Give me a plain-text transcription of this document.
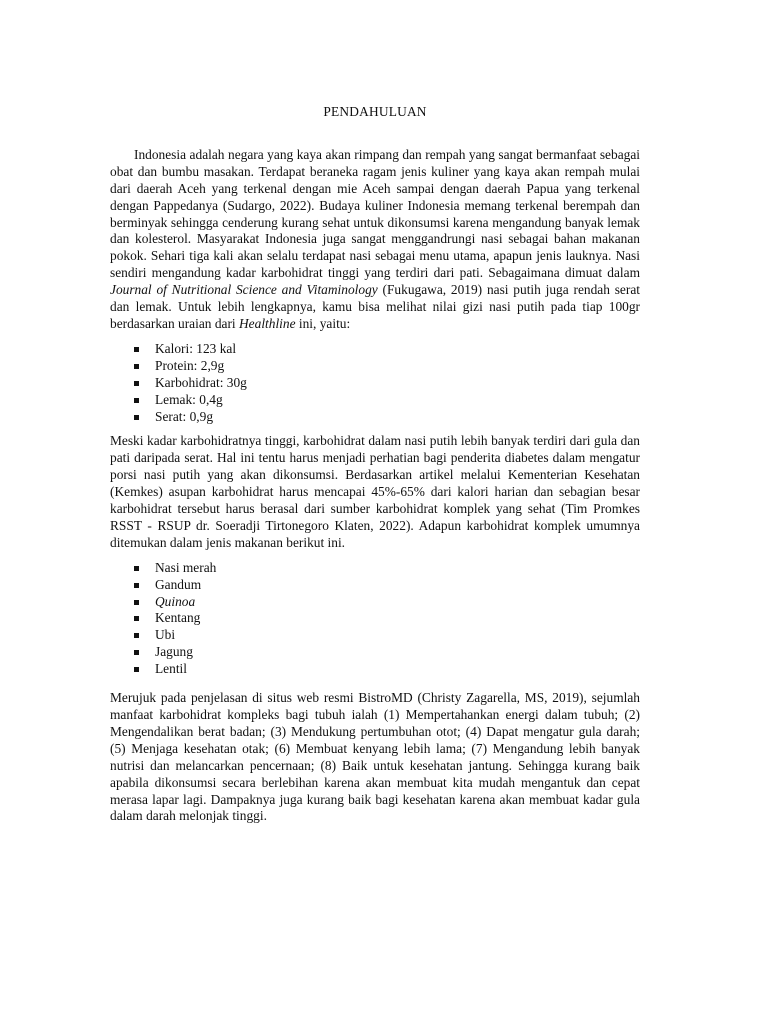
PENDAHULUAN

Indonesia adalah negara yang kaya akan rimpang dan rempah yang sangat bermanfaat sebagai obat dan bumbu masakan. Terdapat beraneka ragam jenis kuliner yang kaya akan rempah mulai dari daerah Aceh yang terkenal dengan mie Aceh sampai dengan daerah Papua yang terkenal dengan Pappedanya (Sudargo, 2022). Budaya kuliner Indonesia memang terkenal berempah dan berminyak sehingga cenderung kurang sehat untuk dikonsumsi karena mengandung banyak lemak dan kolesterol. Masyarakat Indonesia juga sangat menggandrungi nasi sebagai bahan makanan pokok. Sehari tiga kali akan selalu terdapat nasi sebagai menu utama, apapun jenis lauknya. Nasi sendiri mengandung kadar karbohidrat tinggi yang terdiri dari pati. Sebagaimana dimuat dalam Journal of Nutritional Science and Vitaminology (Fukugawa, 2019) nasi putih juga rendah serat dan lemak. Untuk lebih lengkapnya, kamu bisa melihat nilai gizi nasi putih pada tiap 100gr berdasarkan uraian dari Healthline ini, yaitu:

Kalori: 123 kal
Protein: 2,9g
Karbohidrat: 30g
Lemak: 0,4g
Serat: 0,9g

Meski kadar karbohidratnya tinggi, karbohidrat dalam nasi putih lebih banyak terdiri dari gula dan pati daripada serat. Hal ini tentu harus menjadi perhatian bagi penderita diabetes dalam mengatur porsi nasi putih yang akan dikonsumsi. Berdasarkan artikel melalui Kementerian Kesehatan (Kemkes) asupan karbohidrat harus mencapai 45%-65% dari kalori harian dan sebagian besar karbohidrat tersebut harus berasal dari sumber karbohidrat komplek yang sehat (Tim Promkes RSST - RSUP dr. Soeradji Tirtonegoro Klaten, 2022). Adapun karbohidrat komplek umumnya ditemukan dalam jenis makanan berikut ini.

Nasi merah
Gandum
Quinoa
Kentang
Ubi
Jagung
Lentil

Merujuk pada penjelasan di situs web resmi BistroMD (Christy Zagarella, MS, 2019), sejumlah manfaat karbohidrat kompleks bagi tubuh ialah (1) Mempertahankan energi dalam tubuh; (2) Mengendalikan berat badan; (3) Mendukung pertumbuhan otot; (4) Dapat mengatur gula darah; (5) Menjaga kesehatan otak; (6) Membuat kenyang lebih lama; (7) Mengandung lebih banyak nutrisi dan melancarkan pencernaan; (8) Baik untuk kesehatan jantung. Sehingga kurang baik apabila dikonsumsi secara berlebihan karena akan membuat kita mudah mengantuk dan cepat merasa lapar lagi. Dampaknya juga kurang baik bagi kesehatan karena akan membuat kadar gula dalam darah melonjak tinggi.
